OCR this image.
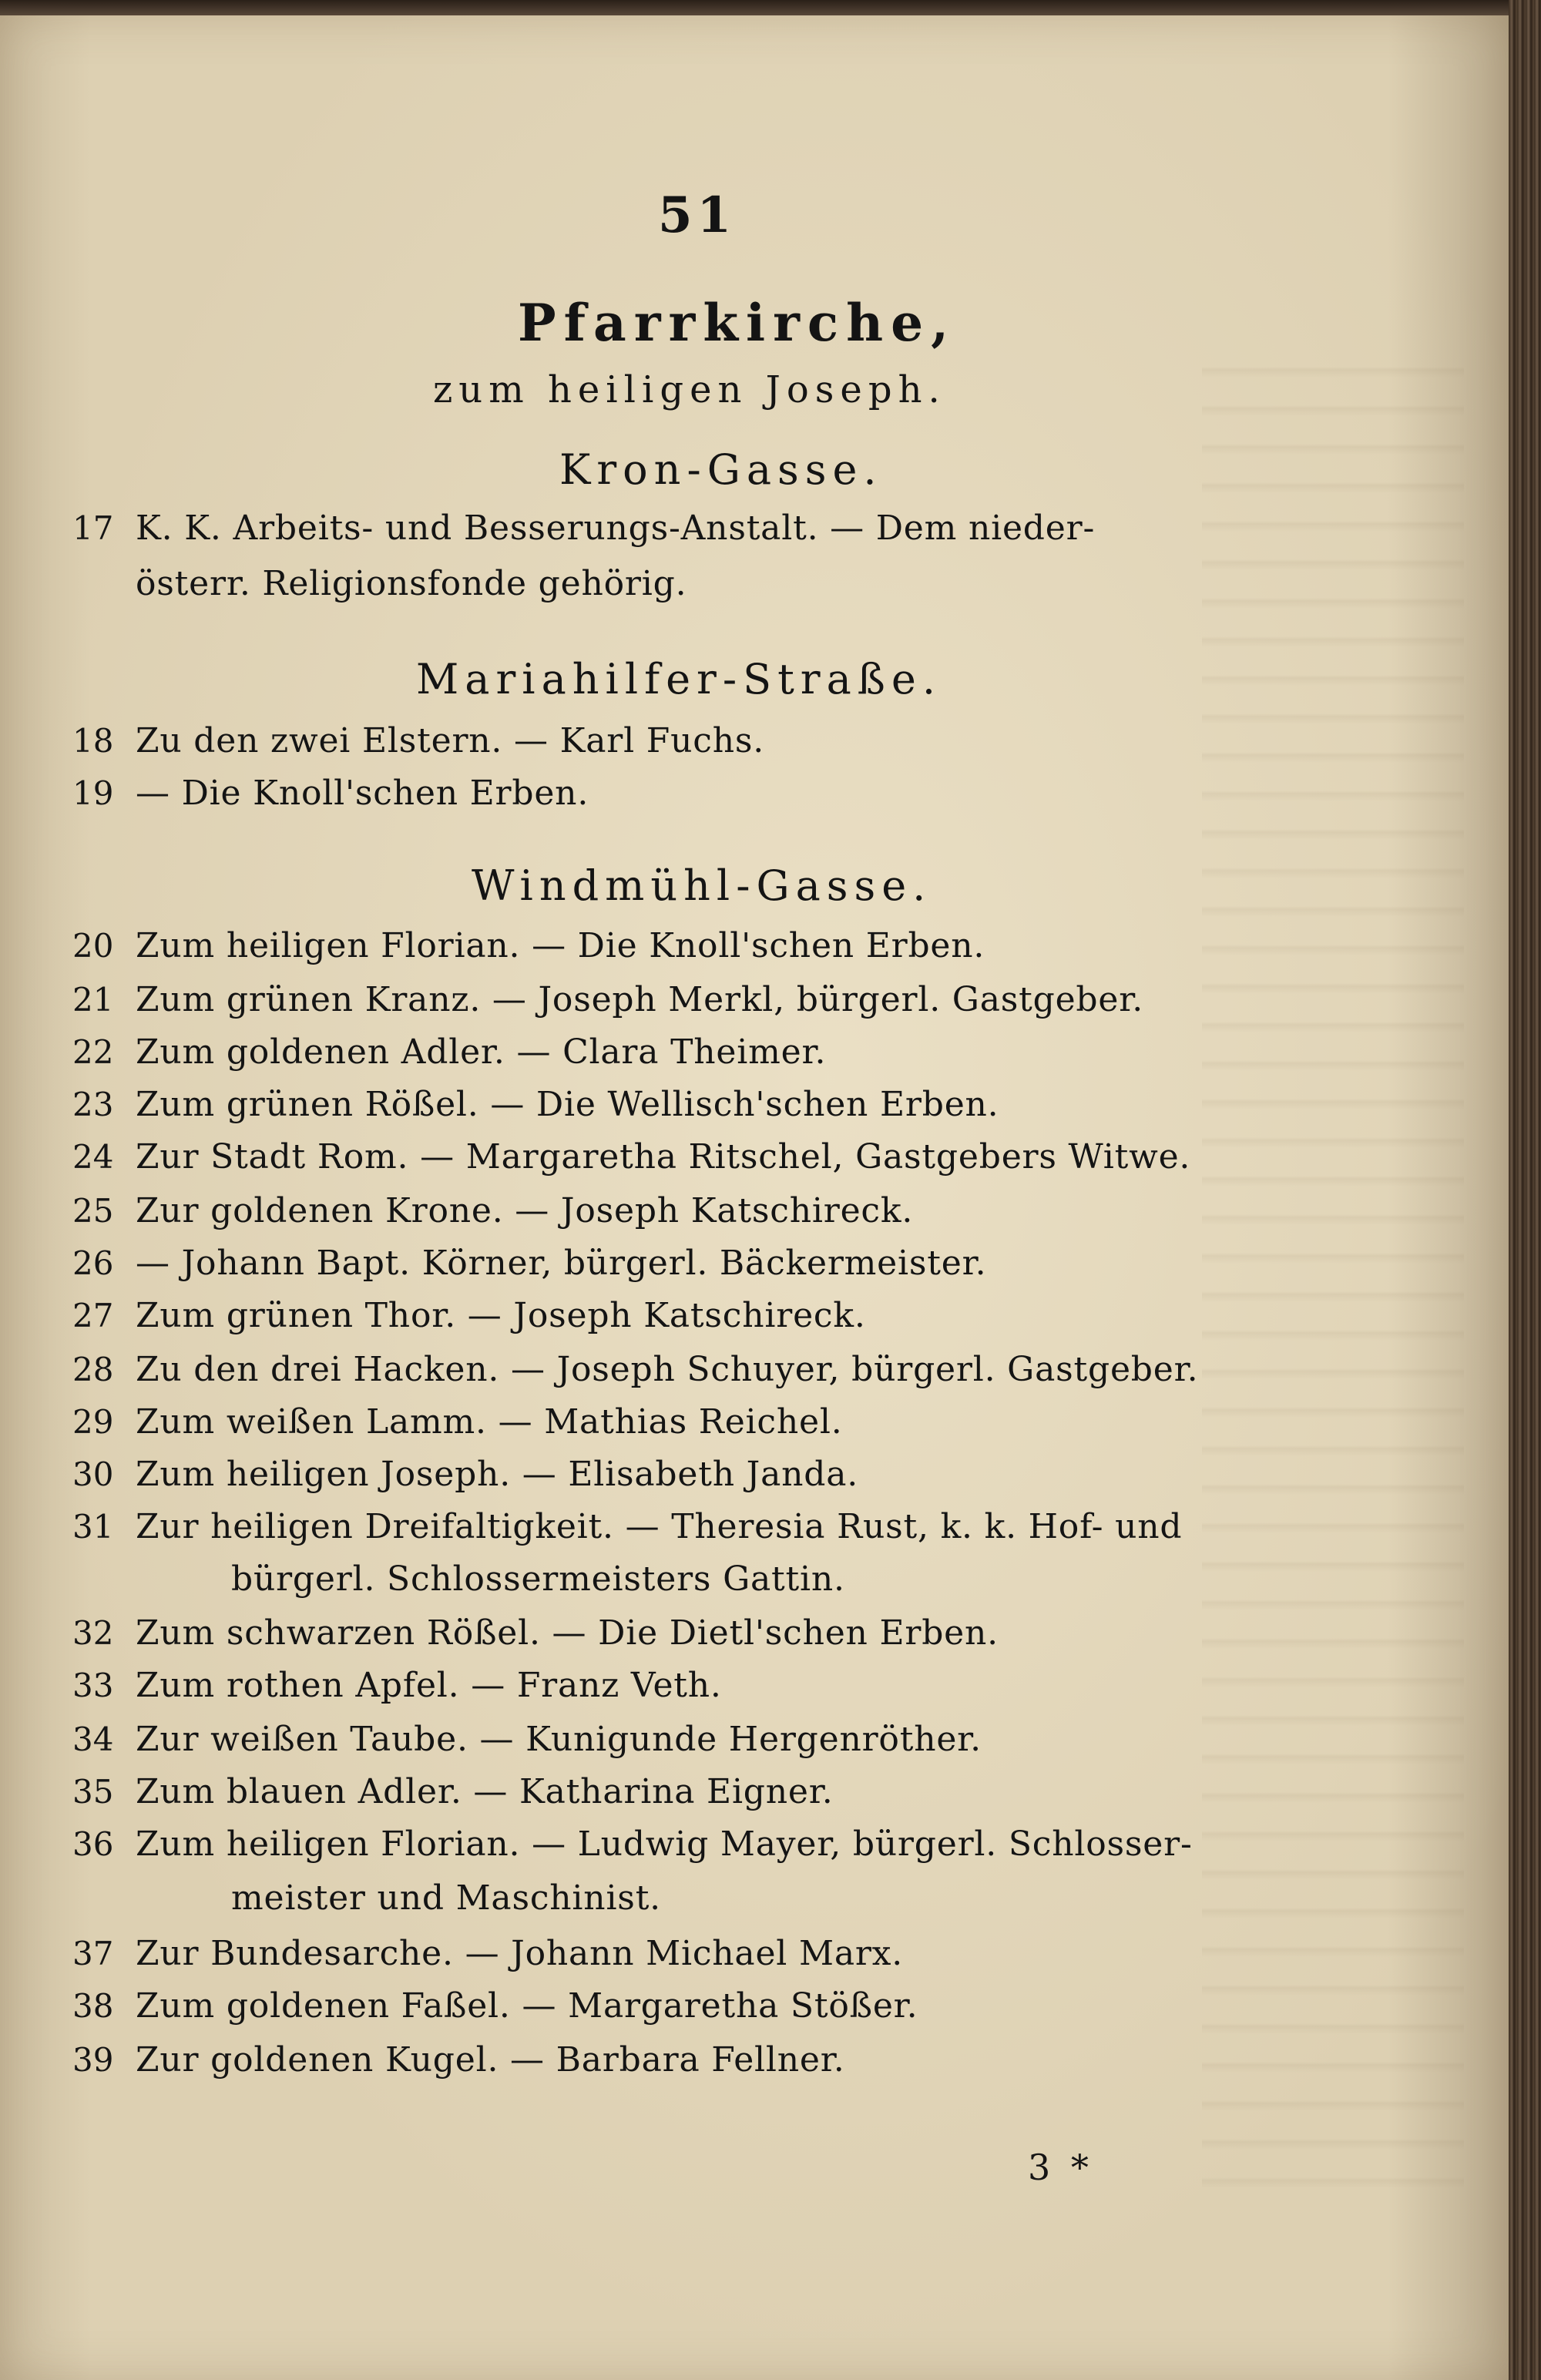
51
Pfarrkirche,
zum heiligen Joseph.
Kron-Gasse.
17 K. K. Arbeits- und Besserungs-Anstalt. — Dem nieder-
österr. Religionsfonde gehörig.
Mariahilfer-Straße.
18 Zu den zwei Elstern. — Karl Fuchs.
19 — Die Knoll'schen Erben.
Windmühl-Gasse.
20 Zum heiligen Florian. — Die Knoll'schen Erben.
21 Zum grünen Kranz. — Joseph Merkl, bürgerl. Gastgeber.
22 Zum goldenen Adler. — Clara Theimer.
23 Zum grünen Rößel. — Die Wellisch'schen Erben.
24 Zur Stadt Rom. — Margaretha Ritschel, Gastgebers Witwe.
25 Zur goldenen Krone. — Joseph Katschireck.
26 — Johann Bapt. Körner, bürgerl. Bäckermeister.
27 Zum grünen Thor. — Joseph Katschireck.
28 Zu den drei Hacken. — Joseph Schuyer, bürgerl. Gastgeber.
29 Zum weißen Lamm. — Mathias Reichel.
30 Zum heiligen Joseph. — Elisabeth Janda.
31 Zur heiligen Dreifaltigkeit. — Theresia Rust, k. k. Hof- und
bürgerl. Schlossermeisters Gattin.
32 Zum schwarzen Rößel. — Die Dietl'schen Erben.
33 Zum rothen Apfel. — Franz Veth.
34 Zur weißen Taube. — Kunigunde Hergenröther.
35 Zum blauen Adler. — Katharina Eigner.
36 Zum heiligen Florian. — Ludwig Mayer, bürgerl. Schlosser-
meister und Maschinist.
37 Zur Bundesarche. — Johann Michael Marx.
38 Zum goldenen Faßel. — Margaretha Stößer.
39 Zur goldenen Kugel. — Barbara Fellner.
3 *
